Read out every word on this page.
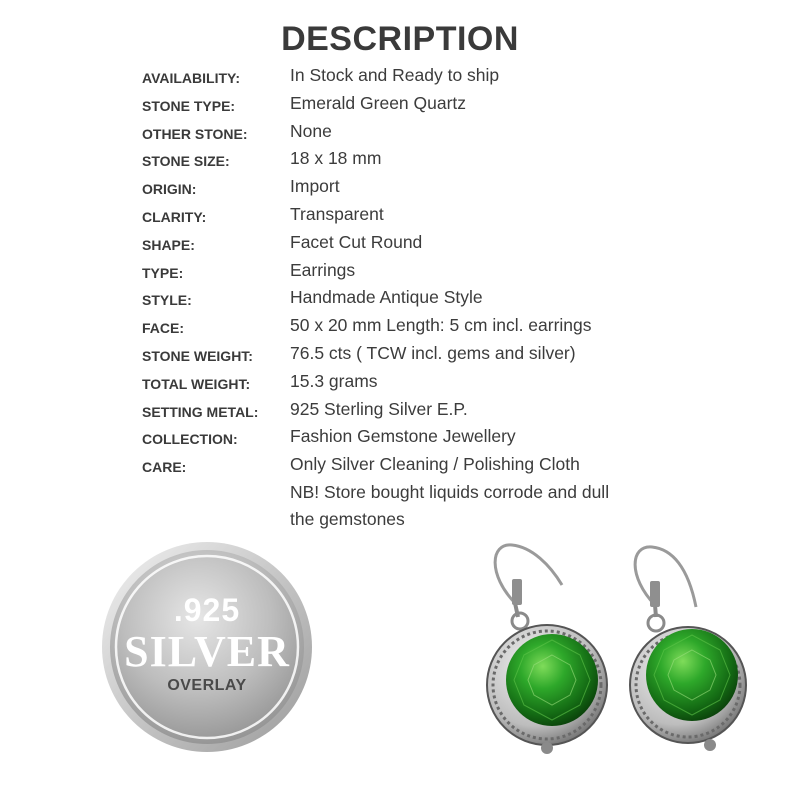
DESCRIPTION
AVAILABILITY:	In Stock and Ready to ship
STONE TYPE:	Emerald Green Quartz
OTHER STONE: None
STONE SIZE:	18 x 18 mm
ORIGIN:	Import
CLARITY:	Transparent
SHAPE:	Facet Cut Round
TYPE:	Earrings
STYLE:	Handmade Antique Style
FACE:	50 x 20 mm Length: 5 cm incl. earrings
STONE WEIGHT: 76.5 cts ( TCW incl. gems and silver)
TOTAL WEIGHT: 15.3 grams
SETTING METAL: 925 Sterling Silver E.P.
COLLECTION:	Fashion Gemstone Jewellery
CARE:	Only Silver Cleaning / Polishing Cloth
NB! Store bought liquids corrode and dull
the gemstones
.925
SILVER
OVERLAY
